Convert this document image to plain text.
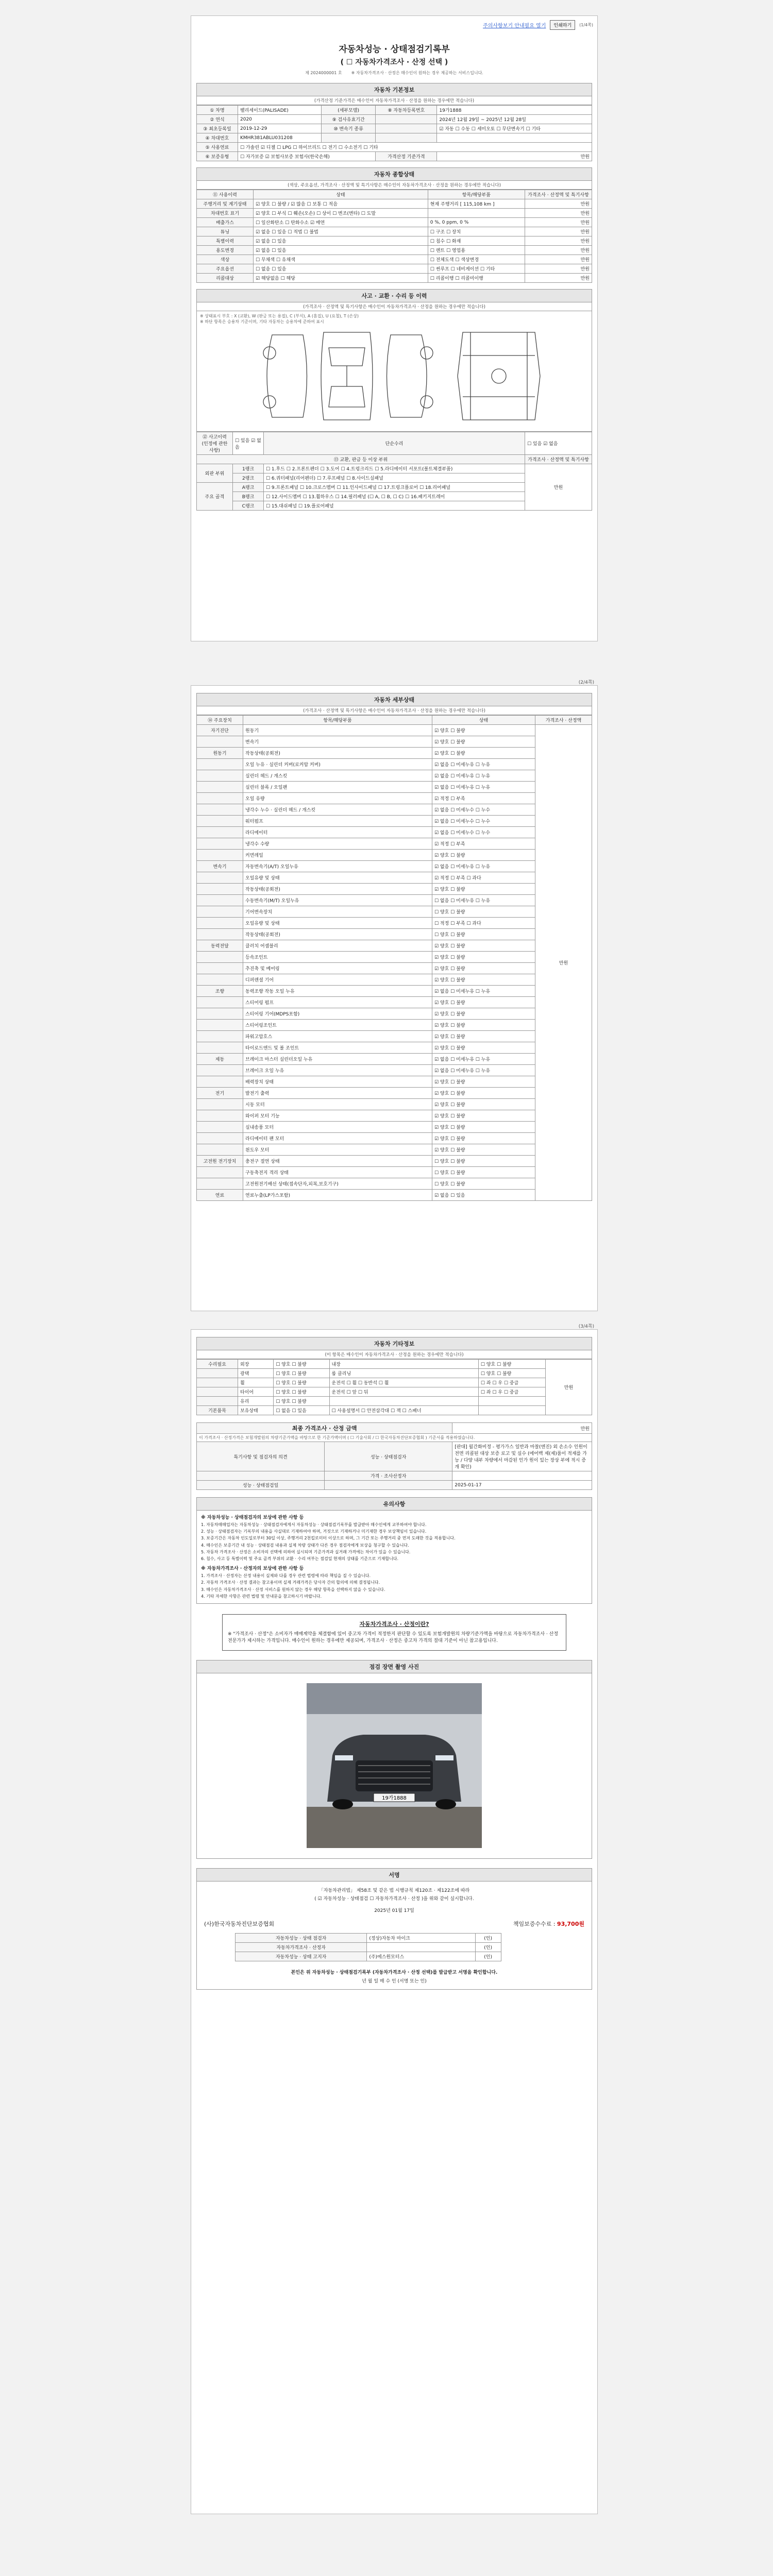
주의사항보기 안내필요 열기	인쇄하기	(1/4쪽)
자동차성능 · 상태점검기록부
( ☐ 자동차가격조사 · 산정 선택 )
제 2024000001 호 ※ 자동차가격조사 · 산정은 매수인이 원하는 경우 제공하는 서비스입니다.
자동차 기본정보
(가격산정 기준가격은 매수인이 자동차가격조사 · 산정을 원하는 경우에만 적습니다)
① 차명	팰리세이드(PALISADE)	(세부모델)	⑧ 자동차등록번호	19가1888
② 연식	2020	⑨ 검사유효기간		2024년 12월 29일 ~ 2025년 12월 28일
③ 최초등록일	2019-12-29	⑩ 변속기 종류		☑ 자동 ☐ 수동 ☐ 세미오토 ☐ 무단변속기 ☐ 기타
④ 차대번호	KMHR381ABLU031208			
⑤ 사용연료	☐ 가솔린 ☑ 디젤 ☐ LPG ☐ 하이브리드 ☐ 전기 ☐ 수소전기 ☐ 기타			
⑥ 보증유형	☐ 자가보증 ☑ 보험사보증 보험사(한국손해)		가격산정 기준가격	만원
자동차 종합상태
(색상, 주요옵션, 가격조사 · 산정액 및 특기사항은 매수인이 자동차가격조사 · 산정을 원하는 경우에만 적습니다)
⑪ 사용이력	상태	항목/해당부품	가격조사 · 산정액 및 특기사항
주행거리 및 계기상태	☑ 양호 ☐ 불량 / ☑ 많음 ☐ 보통 ☐ 적음	현재 주행거리 [ 115,108 km ]	만원
차대번호 표기	☑ 양호 ☐ 부식 ☐ 훼손(오손) ☐ 상이 ☐ 변조(변타) ☐ 도말		만원
배출가스	☐ 일산화탄소 ☐ 탄화수소 ☑ 매연	0 %, 0 ppm, 0 %	만원
튜닝	☑ 없음 ☐ 있음 ☐ 적법 ☐ 불법	☐ 구조 ☐ 장치	만원
특별이력	☑ 없음 ☐ 있음	☐ 침수 ☐ 화재	만원
용도변경	☑ 없음 ☐ 있음	☐ 렌트 ☐ 영업용	만원
색상	☐ 무채색 ☐ 유채색	☐ 전체도색 ☐ 색상변경	만원
주요옵션	☐ 없음 ☐ 있음	☐ 썬루프 ☐ 네비게이션 ☐ 기타	만원
리콜대상	☑ 해당없음 ☐ 해당	☐ 리콜이행 ☐ 리콜미이행	만원
사고 · 교환 · 수리 등 이력
(가격조사 · 산정액 및 특기사항은 매수인이 자동차가격조사 · 산정을 원하는 경우에만 적습니다)
※ 상태표시 부호 : X (교환), W (판금 또는 용접), C (부식), A (흠집), U (요철), T (손상)
※ 하단 항목은 승용차 기준이며, 기타 자동차는 승용차에 준하여 표시
⑫ 사고이력 (인정에 관한 사항)	☐ 있음 ☑ 없음	단순수리	☐ 있음 ☑ 없음
⑬ 교환, 판금 등 이상 부위			가격조사 · 산정액 및 특기사항
외판 부위	1랭크	☐ 1.후드 ☐ 2.프론트펜더 ☐ 3.도어 ☐ 4.트렁크리드 ☐ 5.라디에이터 서포트(볼트체결부품)	만원
	2랭크	☐ 6.쿼터패널(리어펜더) ☐ 7.루프패널 ☐ 8.사이드실패널	
주요 골격	A랭크	☐ 9.프론트패널 ☐ 10.크로스멤버 ☐ 11.인사이드패널 ☐ 17.트렁크플로어 ☐ 18.리어패널	
	B랭크	☐ 12.사이드멤버 ☐ 13.휠하우스 ☐ 14.필러패널 (☐ A, ☐ B, ☐ C) ☐ 16.패키지트레이	
	C랭크	☐ 15.대쉬패널 ☐ 19.플로어패널	
(2/4쪽)
자동차 세부상태
(가격조사 · 산정액 및 특기사항은 매수인이 자동차가격조사 · 산정을 원하는 경우에만 적습니다)
⑭ 주요장치	항목/해당부품	상태	가격조사 · 산정액
자기진단	원동기	☑ 양호 ☐ 불량	만원
	변속기	☑ 양호 ☐ 불량	
원동기	작동상태(공회전)	☑ 양호 ☐ 불량	
	오일 누유 · 실린더 커버(로커암 커버)	☑ 없음 ☐ 미세누유 ☐ 누유	
	실린더 헤드 / 개스킷	☑ 없음 ☐ 미세누유 ☐ 누유	
	실린더 블록 / 오일팬	☑ 없음 ☐ 미세누유 ☐ 누유	
	오일 유량	☑ 적정 ☐ 부족	
	냉각수 누수 · 실린더 헤드 / 개스킷	☑ 없음 ☐ 미세누수 ☐ 누수	
	워터펌프	☑ 없음 ☐ 미세누수 ☐ 누수	
	라디에이터	☑ 없음 ☐ 미세누수 ☐ 누수	
	냉각수 수량	☑ 적정 ☐ 부족	
	커먼레일	☑ 양호 ☐ 불량	
변속기	자동변속기(A/T) 오일누유	☑ 없음 ☐ 미세누유 ☐ 누유	
	오일유량 및 상태	☑ 적정 ☐ 부족 ☐ 과다	
	작동상태(공회전)	☑ 양호 ☐ 불량	
	수동변속기(M/T) 오일누유	☐ 없음 ☐ 미세누유 ☐ 누유	
	기어변속장치	☐ 양호 ☐ 불량	
	오일유량 및 상태	☐ 적정 ☐ 부족 ☐ 과다	
	작동상태(공회전)	☐ 양호 ☐ 불량	
동력전달	클러치 어셈블리	☑ 양호 ☐ 불량	
	등속조인트	☑ 양호 ☐ 불량	
	추진축 및 베어링	☑ 양호 ☐ 불량	
	디퍼렌셜 기어	☑ 양호 ☐ 불량	
조향	동력조향 작동 오일 누유	☑ 없음 ☐ 미세누유 ☐ 누유	
	스티어링 펌프	☑ 양호 ☐ 불량	
	스티어링 기어(MDPS포함)	☑ 양호 ☐ 불량	
	스티어링조인트	☑ 양호 ☐ 불량	
	파워고압호스	☑ 양호 ☐ 불량	
	타이로드엔드 및 볼 조인트	☑ 양호 ☐ 불량	
제동	브레이크 마스터 실린더오일 누유	☑ 없음 ☐ 미세누유 ☐ 누유	
	브레이크 오일 누유	☑ 없음 ☐ 미세누유 ☐ 누유	
	배력장치 상태	☑ 양호 ☐ 불량	
전기	발전기 출력	☑ 양호 ☐ 불량	
	시동 모터	☑ 양호 ☐ 불량	
	와이퍼 모터 기능	☑ 양호 ☐ 불량	
	실내송풍 모터	☑ 양호 ☐ 불량	
	라디에이터 팬 모터	☑ 양호 ☐ 불량	
	윈도우 모터	☑ 양호 ☐ 불량	
고전원 전기장치	충전구 절연 상태	☐ 양호 ☐ 불량	
	구동축전지 격리 상태	☐ 양호 ☐ 불량	
	고전원전기배선 상태(접속단자,피복,보호기구)	☐ 양호 ☐ 불량	
연료	연료누출(LP가스포함)	☑ 없음 ☐ 있음	
(3/4쪽)
자동차 기타정보
(이 항목은 매수인이 자동차가격조사 · 산정을 원하는 경우에만 적습니다)
수리필요	외장	☐ 양호 ☐ 불량	내장	☐ 양호 ☐ 불량	만원
	광택	☐ 양호 ☐ 불량	룸 클리닝	☐ 양호 ☐ 불량	
	휠	☐ 양호 ☐ 불량	운전석 ☐ 휠 ☐ 동반석 ☐ 휠	☐ 좌 ☐ 우 ☐ 중급	
	타이어	☐ 양호 ☐ 불량	운전석 ☐ 앞 ☐ 뒤	☐ 좌 ☐ 우 ☐ 중급	
	유리	☐ 양호 ☐ 불량			
기본품목	보유상태	☐ 없음 ☐ 있음	☐ 사용설명서 ☐ 안전삼각대 ☐ 잭 ☐ 스패너		
최종 가격조사 · 산정 금액		만원
이 가격조사 · 산정가격은 보험개발원의 차량기준가액을 바탕으로 한 기준가액이며 ( ☐ 기술사회 / ☐ 한국자동차진단보증협회 ) 기준서를 적용하였습니다.		
특기사항 및 점검자의 의견	성능 · 상태점검자	[판대] 월간화비정 - 평가가스 일반과 마찰(엔진) 외 손소수 인원이 전면 리콜된 대상 보증 로고 및 실수 (에어백 제(제)품이 적재를 가능 / 다양 내부 차량에서 마감된 인가 원이 있는 장상 부에 적시 증개 확인)
	가격 · 조사산정자	
성능 · 상태점검일		2025-01-17
유의사항
※ 자동차성능 · 상태점검자의 보상에 관한 사항 등

1. 자동차매매업자는 자동차성능 · 상태점검자에게서 자동차성능 · 상태점검기록부를 발급받아 매수인에게 교부하여야 합니다.

2. 성능 · 상태점검자는 기록부의 내용을 사실대로 기재하여야 하며, 거짓으로 기재하거나 미기재한 경우 보상책임이 있습니다.

3. 보증기간은 자동차 인도일로부터 30일 이상, 주행거리 2천킬로미터 이상으로 하며, 그 기간 또는 주행거리 중 먼저 도래한 것을 적용합니다.

4. 매수인은 보증기간 내 성능 · 상태점검 내용과 실제 차량 상태가 다른 경우 점검자에게 보상을 청구할 수 있습니다.

5. 자동차 가격조사 · 산정은 소비자의 선택에 의하여 실시되며 기준가격과 실거래 가격에는 차이가 있을 수 있습니다.

6. 침수, 사고 등 특별이력 및 주요 골격 부위의 교환 · 수리 여부는 점검일 현재의 상태를 기준으로 기재합니다.

※ 자동차가격조사 · 산정자의 보상에 관한 사항 등

1. 가격조사 · 산정자는 산정 내용이 실제와 다를 경우 관련 법령에 따라 책임을 질 수 있습니다.

2. 자동차 가격조사 · 산정 결과는 참고용이며 실제 거래가격은 당사자 간의 합의에 의해 결정됩니다.

3. 매수인은 자동차가격조사 · 산정 서비스를 원하지 않는 경우 해당 항목을 선택하지 않을 수 있습니다.

4. 기타 자세한 사항은 관련 법령 및 안내문을 참고하시기 바랍니다.

자동차가격조사 · 산정이란?
※ "가격조사 · 산정"은 소비자가 매매계약을 체결함에 있어 중고차 가격이 적정한지 판단할 수 있도록 보험개발원의 차량기준가액을 바탕으로 자동차가격조사 · 산정 전문가가 제시하는 가격입니다. 매수인이 원하는 경우에만 제공되며, 가격조사 · 산정은 중고차 가격의 절대 기준이 아닌 참고용입니다.
점검 장면 촬영 사진
19가1888
서명
「자동차관리법」 제58조 및 같은 법 시행규칙 제120조 · 제122조에 따라
( ☑ 자동차성능 · 상태점검 ☐ 자동차가격조사 · 산정 )을 위와 같이 실시합니다.
2025년 01월 17일
(사)한국자동차진단보증협회	책임보증수수료 : 93,700원
자동차성능 · 상태 점검자	(정상)자동차 마이크	(인)
자동차가격조사 · 산정자		(인)
자동차성능 · 상태 고지자	(주)에스원모터스	(인)
본인은 위 자동차성능 · 상태점검기록부 (자동차가격조사 · 산정 선택)를 발급받고 서명을 확인합니다.
년 월 일 매 수 인 (서명 또는 인)
